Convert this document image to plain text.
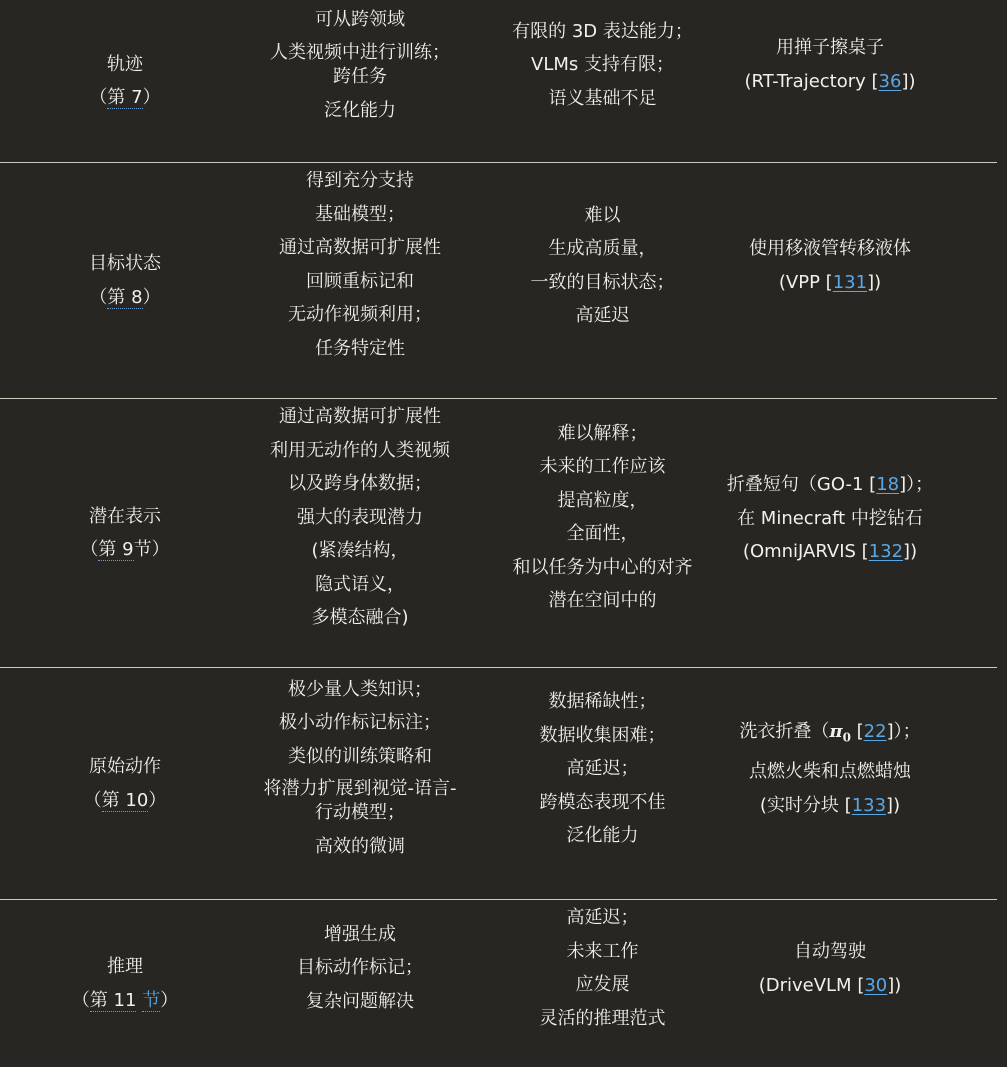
轨迹
（第 7）
可从跨领域
人类视频中进行训练；跨任务
泛化能力
有限的 3D 表达能力；
VLMs 支持有限；
语义基础不足
用掸子擦桌子
(RT-Trajectory [36])
目标状态
（第 8）
得到充分支持
基础模型；
通过高数据可扩展性
回顾重标记和
无动作视频利用；
任务特定性
难以
生成高质量，
一致的目标状态；
高延迟
使用移液管转移液体
(VPP [131])
潜在表示
（第 9节）
通过高数据可扩展性
利用无动作的人类视频
以及跨身体数据；
强大的表现潜力
(紧凑结构，
隐式语义，
多模态融合)
难以解释；
未来的工作应该
提高粒度，
全面性，
和以任务为中心的对齐
潜在空间中的
折叠短句（GO-1 [18]）；
在 Minecraft 中挖钻石
(OmniJARVIS [132])
原始动作
（第 10）
极少量人类知识；
极小动作标记标注；
类似的训练策略和
将潜力扩展到视觉-语言-行动模型；
高效的微调
数据稀缺性；
数据收集困难；
高延迟；
跨模态表现不佳
泛化能力
洗衣折叠（$\pi_0$ [22]）；
点燃火柴和点燃蜡烛
(实时分块 [133])
推理
（第 11 节）
增强生成
目标动作标记；
复杂问题解决
高延迟；
未来工作
应发展
灵活的推理范式
自动驾驶
(DriveVLM [30])
